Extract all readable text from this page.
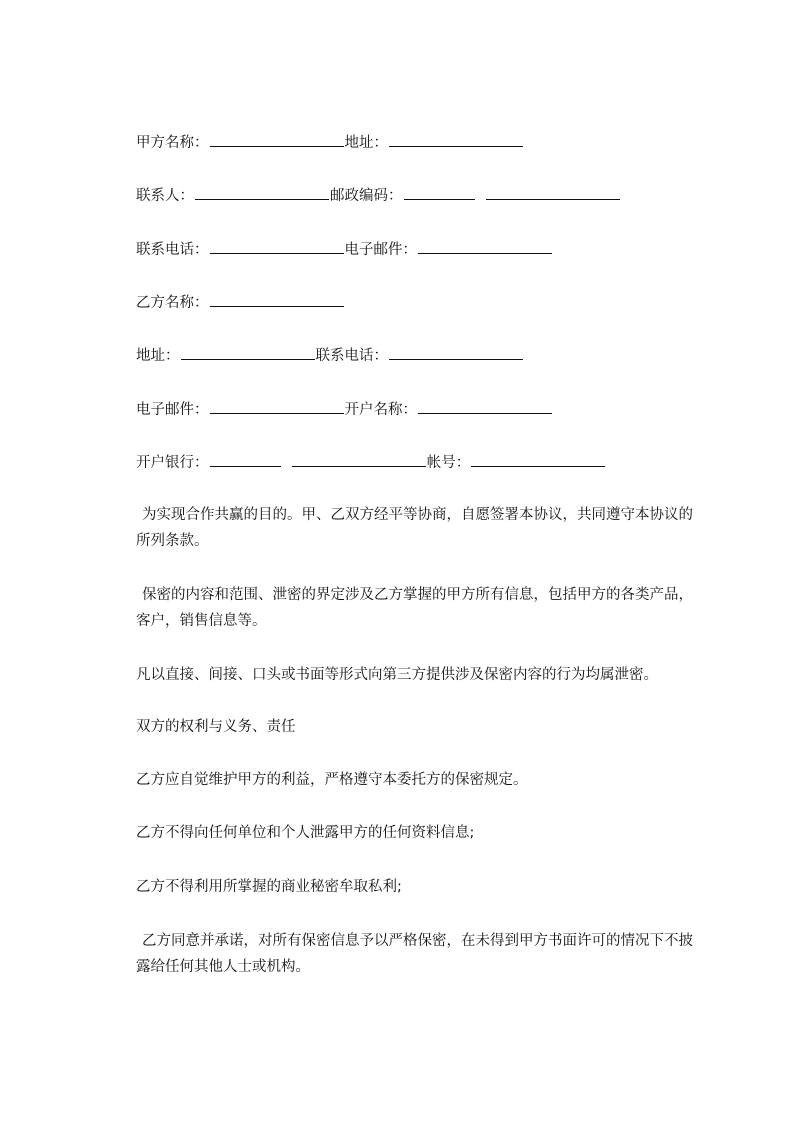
甲方名称：	地址：
联系人：	邮政编码：
联系电话：	电子邮件：
乙方名称：
地址：	联系电话：
电子邮件：	开户名称：
开户银行：	帐号：
为实现合作共赢的目的。甲、乙双方经平等协商，自愿签署本协议，共同遵守本协议的所列条款。
保密的内容和范围、泄密的界定涉及乙方掌握的甲方所有信息，包括甲方的各类产品，客户，销售信息等。
凡以直接、间接、口头或书面等形式向第三方提供涉及保密内容的行为均属泄密。
双方的权利与义务、责任
乙方应自觉维护甲方的利益，严格遵守本委托方的保密规定。
乙方不得向任何单位和个人泄露甲方的任何资料信息;
乙方不得利用所掌握的商业秘密牟取私利;
乙方同意并承诺，对所有保密信息予以严格保密，在未得到甲方书面许可的情况下不披露给任何其他人士或机构。
